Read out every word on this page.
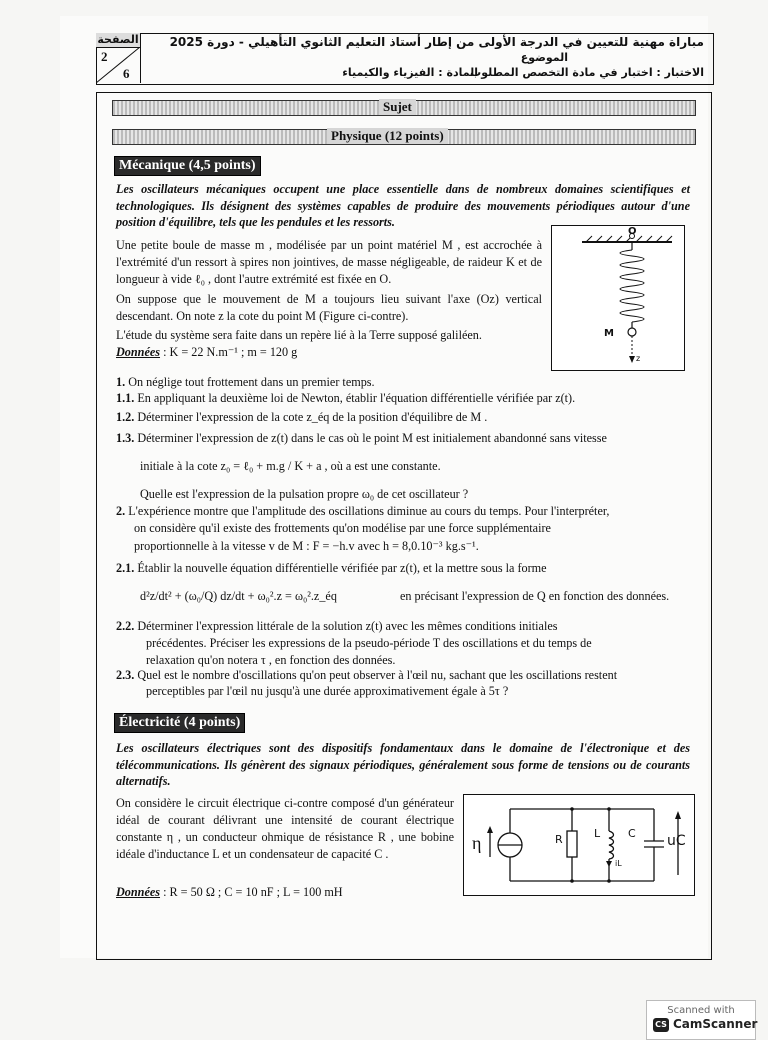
الصفحة
2
6
مباراة مهنية للتعيين في الدرجة الأولى من إطار أستاذ التعليم الثانوي التأهيلي - دورة 2025
الموضوع
الاختبار : اختبار في مادة التخصص المطلوب
المادة : الفيزياء والكيمياء
Sujet
Physique (12 points)
Mécanique (4,5 points)
Les oscillateurs mécaniques occupent une place essentielle dans de nombreux domaines scientifiques et technologiques. Ils désignent des systèmes capables de produire des mouvements périodiques autour d'une position d'équilibre, tels que les pendules et les ressorts.
Une petite boule de masse m , modélisée par un point matériel M , est accrochée à l'extrémité d'un ressort à spires non jointives, de masse négligeable, de raideur K et de longueur à vide ℓ₀ , dont l'autre extrémité est fixée en O.
On suppose que le mouvement de M a toujours lieu suivant l'axe (Oz) vertical descendant. On note z la cote du point M (Figure ci-contre).
L'étude du système sera faite dans un repère lié à la Terre supposé galiléen.
Données : K = 22 N.m⁻¹ ; m = 120 g
O
M
z
1. On néglige tout frottement dans un premier temps.
1.1. En appliquant la deuxième loi de Newton, établir l'équation différentielle vérifiée par z(t).
1.2. Déterminer l'expression de la cote z_éq de la position d'équilibre de M .
1.3. Déterminer l'expression de z(t) dans le cas où le point M est initialement abandonné sans vitesse
initiale à la cote z₀ = ℓ₀ + m.g / K + a , où a est une constante.
Quelle est l'expression de la pulsation propre ω₀ de cet oscillateur ?
2. L'expérience montre que l'amplitude des oscillations diminue au cours du temps. Pour l'interpréter,
on considère qu'il existe des frottements qu'on modélise par une force supplémentaire
proportionnelle à la vitesse v de M : F = −h.v avec h = 8,0.10⁻³ kg.s⁻¹.
2.1. Établir la nouvelle équation différentielle vérifiée par z(t), et la mettre sous la forme
d²z/dt² + (ω₀/Q) dz/dt + ω₀².z = ω₀².z_éq	en précisant l'expression de Q en fonction des données.
2.2. Déterminer l'expression littérale de la solution z(t) avec les mêmes conditions initiales
précédentes. Préciser les expressions de la pseudo-période T des oscillations et du temps de
relaxation qu'on notera τ , en fonction des données.
2.3. Quel est le nombre d'oscillations qu'on peut observer à l'œil nu, sachant que les oscillations restent
perceptibles par l'œil nu jusqu'à une durée approximativement égale à 5τ ?
Électricité (4 points)
Les oscillateurs électriques sont des dispositifs fondamentaux dans le domaine de l'électronique et des télécommunications. Ils génèrent des signaux périodiques, généralement sous forme de tensions ou de courants alternatifs.
On considère le circuit électrique ci-contre composé d'un générateur idéal de courant délivrant une intensité de courant électrique constante η , un conducteur ohmique de résistance R , une bobine idéale d'inductance L et un condensateur de capacité C .
Données : R = 50 Ω ; C = 10 nF ; L = 100 mH
η	R	L	C
iL
uC
Scanned with
CS CamScanner
